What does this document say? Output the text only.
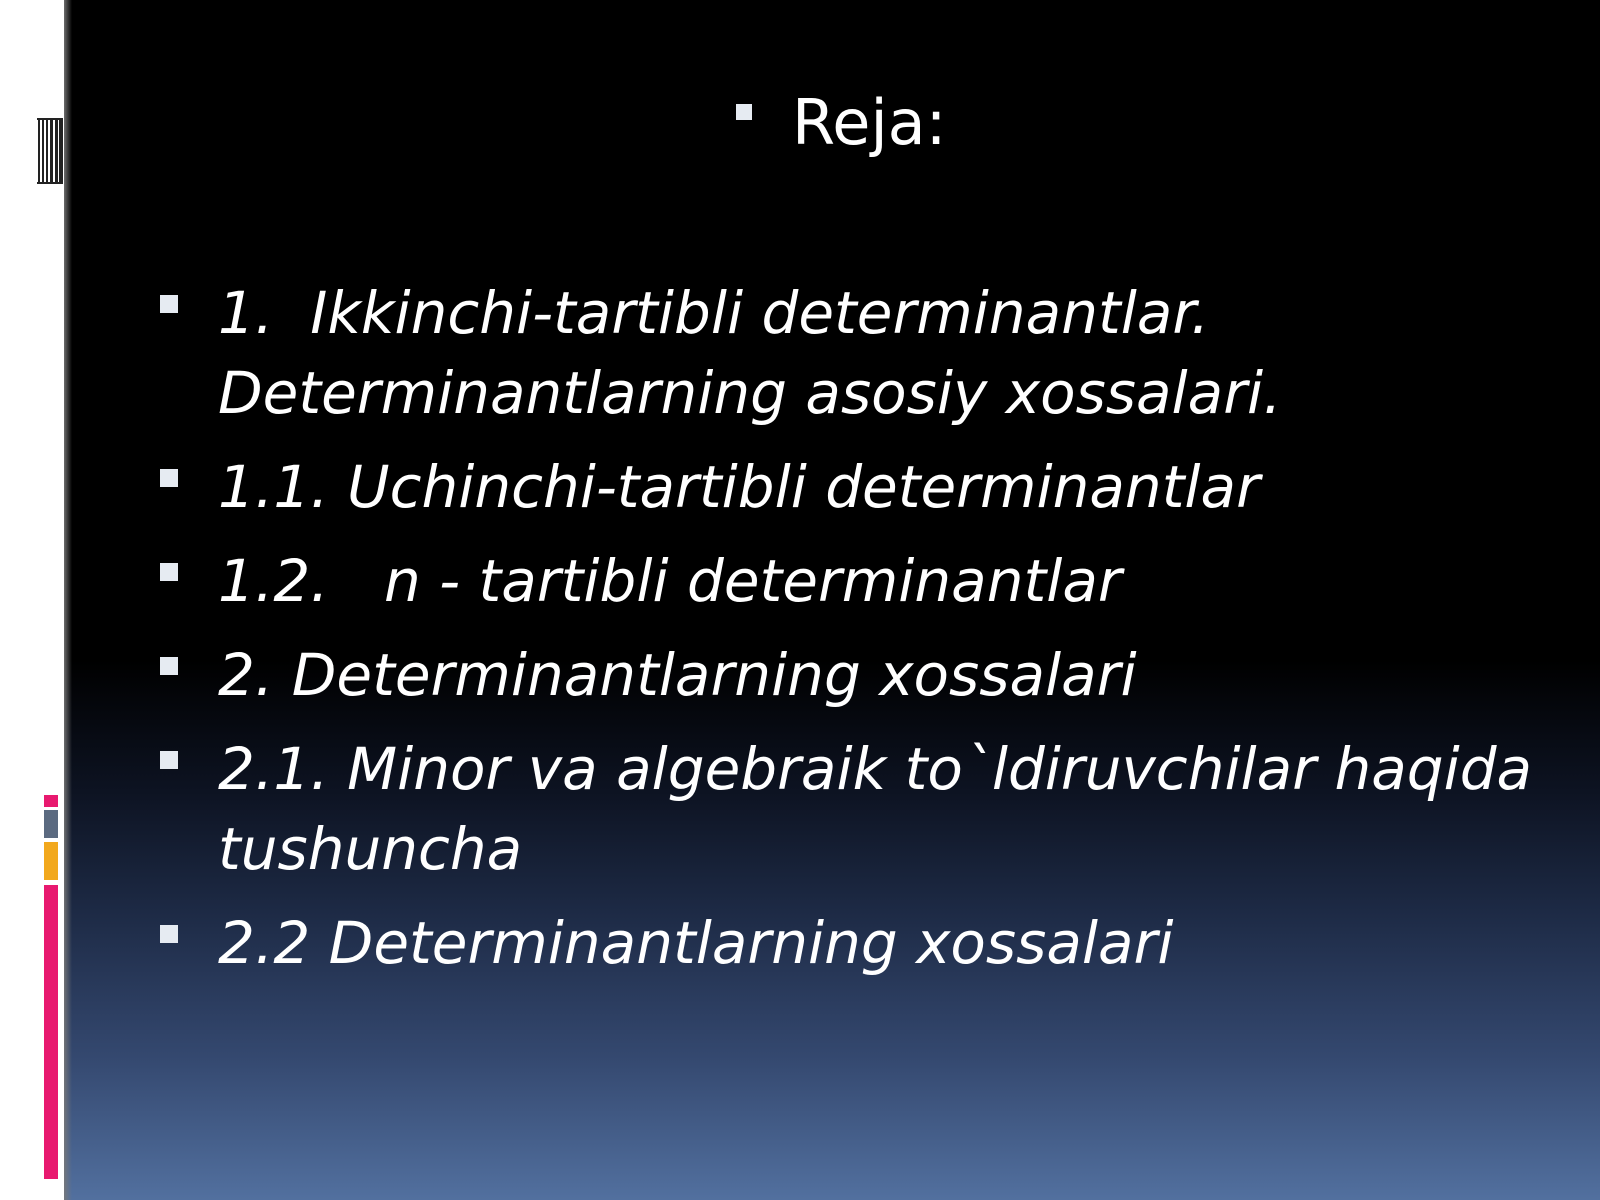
Reja:
1.  Ikkinchi-tartibli determinantlar. Determinantlarning asosiy xossalari.
1.1. Uchinchi-tartibli determinantlar
1.2.   n - tartibli determinantlar
2. Determinantlarning xossalari
2.1. Minor va algebraik to`ldiruvchilar haqida tushuncha
2.2 Determinantlarning xossalari
